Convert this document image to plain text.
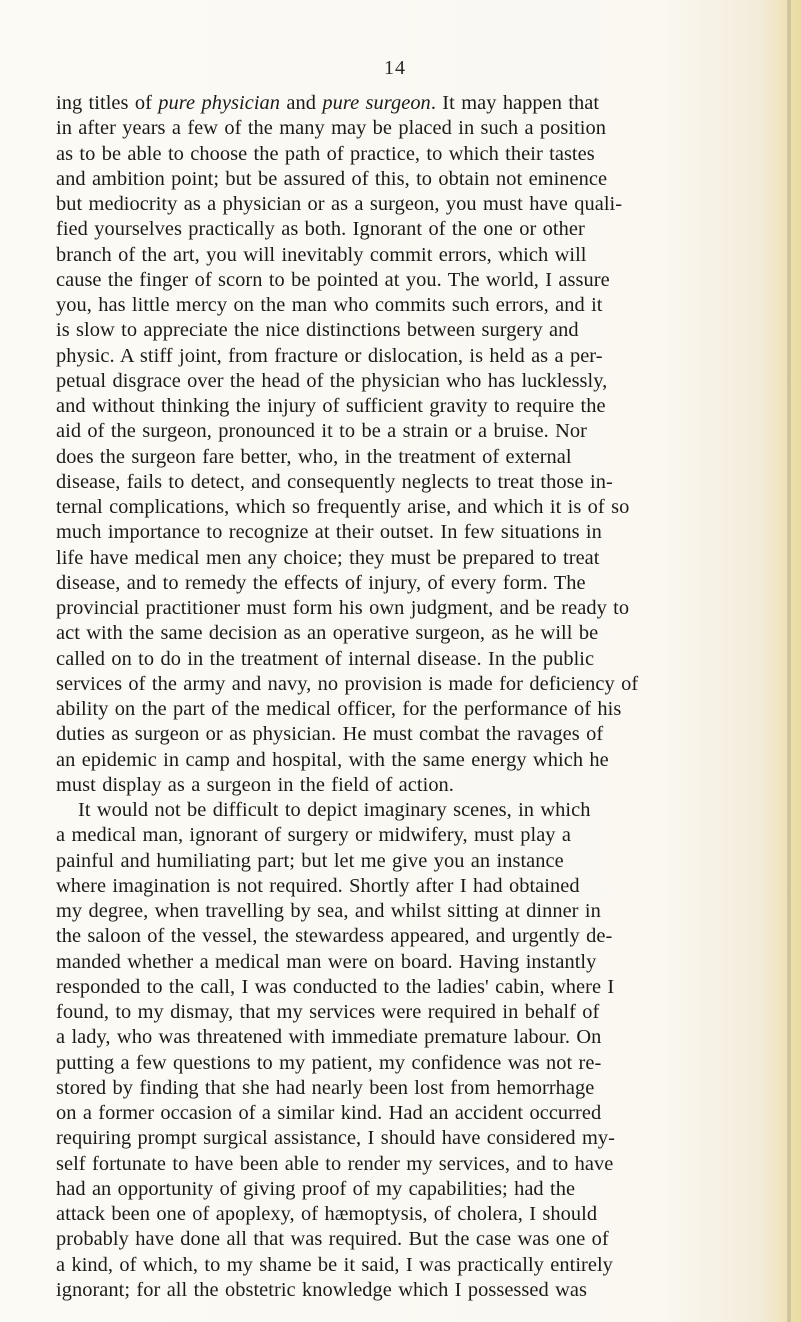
14
ing titles of pure physician and pure surgeon. It may happen that
in after years a few of the many may be placed in such a position
as to be able to choose the path of practice, to which their tastes
and ambition point; but be assured of this, to obtain not eminence
but mediocrity as a physician or as a surgeon, you must have quali-
fied yourselves practically as both. Ignorant of the one or other
branch of the art, you will inevitably commit errors, which will
cause the finger of scorn to be pointed at you. The world, I assure
you, has little mercy on the man who commits such errors, and it
is slow to appreciate the nice distinctions between surgery and
physic. A stiff joint, from fracture or dislocation, is held as a per-
petual disgrace over the head of the physician who has lucklessly,
and without thinking the injury of sufficient gravity to require the
aid of the surgeon, pronounced it to be a strain or a bruise. Nor
does the surgeon fare better, who, in the treatment of external
disease, fails to detect, and consequently neglects to treat those in-
ternal complications, which so frequently arise, and which it is of so
much importance to recognize at their outset. In few situations in
life have medical men any choice; they must be prepared to treat
disease, and to remedy the effects of injury, of every form. The
provincial practitioner must form his own judgment, and be ready to
act with the same decision as an operative surgeon, as he will be
called on to do in the treatment of internal disease. In the public
services of the army and navy, no provision is made for deficiency of
ability on the part of the medical officer, for the performance of his
duties as surgeon or as physician. He must combat the ravages of
an epidemic in camp and hospital, with the same energy which he
must display as a surgeon in the field of action.
It would not be difficult to depict imaginary scenes, in which
a medical man, ignorant of surgery or midwifery, must play a
painful and humiliating part; but let me give you an instance
where imagination is not required. Shortly after I had obtained
my degree, when travelling by sea, and whilst sitting at dinner in
the saloon of the vessel, the stewardess appeared, and urgently de-
manded whether a medical man were on board. Having instantly
responded to the call, I was conducted to the ladies' cabin, where I
found, to my dismay, that my services were required in behalf of
a lady, who was threatened with immediate premature labour. On
putting a few questions to my patient, my confidence was not re-
stored by finding that she had nearly been lost from hemorrhage
on a former occasion of a similar kind. Had an accident occurred
requiring prompt surgical assistance, I should have considered my-
self fortunate to have been able to render my services, and to have
had an opportunity of giving proof of my capabilities; had the
attack been one of apoplexy, of hæmoptysis, of cholera, I should
probably have done all that was required. But the case was one of
a kind, of which, to my shame be it said, I was practically entirely
ignorant; for all the obstetric knowledge which I possessed was
